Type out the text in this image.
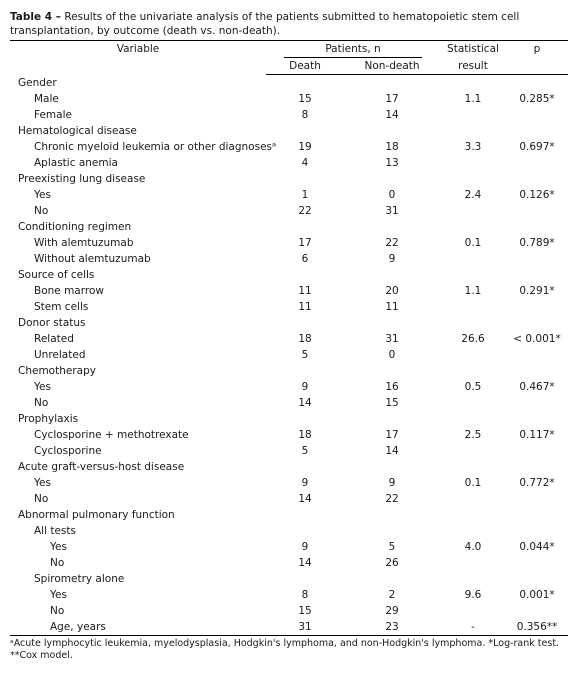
Table 4 – Results of the univariate analysis of the patients submitted to hematopoietic stem cell transplantation, by outcome (death vs. non-death).

Variable	Patients, n		Statistical	p
	Death	Non-death	result	
Gender				
Male	15	17	1.1	0.285*
Female	8	14		
Hematological disease				
Chronic myeloid leukemia or other diagnosesᵃ	19	18	3.3	0.697*
Aplastic anemia	4	13		
Preexisting lung disease				
Yes	1	0	2.4	0.126*
No	22	31		
Conditioning regimen				
With alemtuzumab	17	22	0.1	0.789*
Without alemtuzumab	6	9		
Source of cells				
Bone marrow	11	20	1.1	0.291*
Stem cells	11	11		
Donor status				
Related	18	31	26.6	< 0.001*
Unrelated	5	0		
Chemotherapy				
Yes	9	16	0.5	0.467*
No	14	15		
Prophylaxis				
Cyclosporine + methotrexate	18	17	2.5	0.117*
Cyclosporine	5	14		
Acute graft-versus-host disease				
Yes	9	9	0.1	0.772*
No	14	22		
Abnormal pulmonary function				
All tests				
Yes	9	5	4.0	0.044*
No	14	26		
Spirometry alone				
Yes	8	2	9.6	0.001*
No	15	29		
Age, years	31	23	-	0.356**
ᵃAcute lymphocytic leukemia, myelodysplasia, Hodgkin's lymphoma, and non-Hodgkin's lymphoma. *Log-rank test. **Cox model.
